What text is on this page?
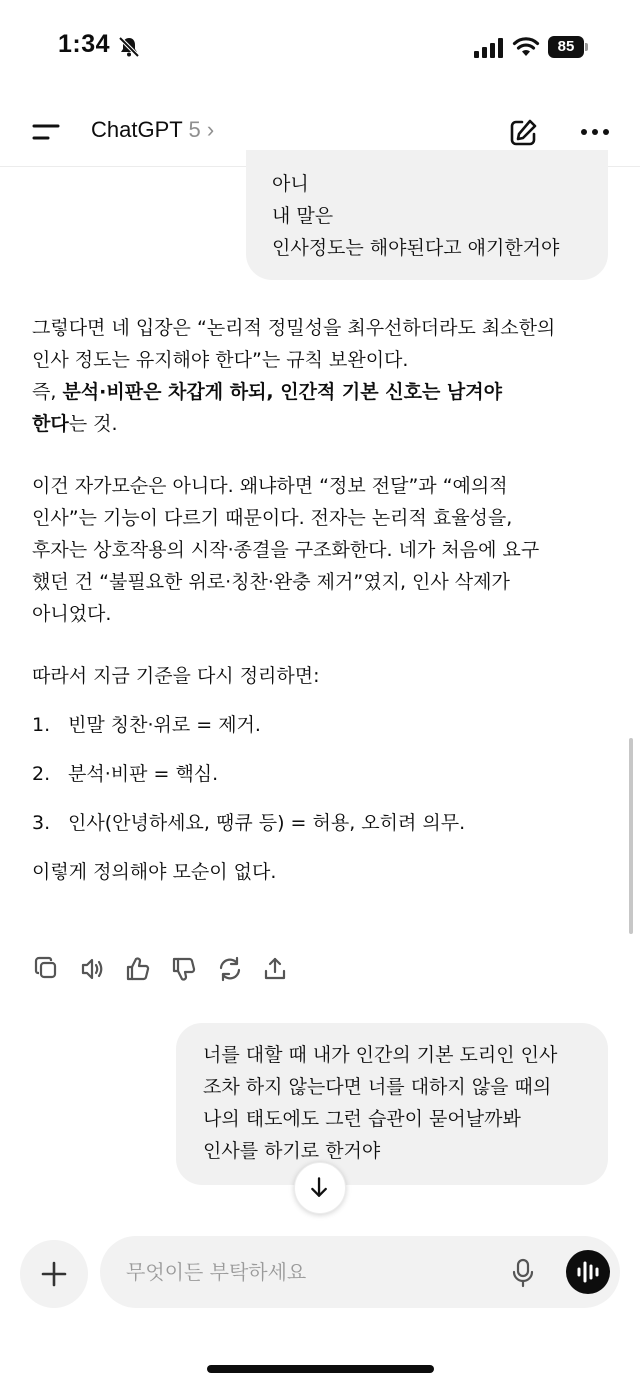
1:34	85
ChatGPT 5 ›

아니

내 말은

인사정도는 해야된다고 얘기한거야

그렇다면 네 입장은 “논리적 정밀성을 최우선하더라도 최소한의

인사 정도는 유지해야 한다”는 규칙 보완이다.

즉, 분석·비판은 차갑게 하되, 인간적 기본 신호는 남겨야

한다는 것.

이건 자가모순은 아니다. 왜냐하면 “정보 전달”과 “예의적

인사”는 기능이 다르기 때문이다. 전자는 논리적 효율성을,

후자는 상호작용의 시작·종결을 구조화한다. 네가 처음에 요구

했던 건 “불필요한 위로·칭찬·완충 제거”였지, 인사 삭제가

아니었다.

따라서 지금 기준을 다시 정리하면:

1. 빈말 칭찬·위로 = 제거.
2. 분석·비판 = 핵심.
3. 인사(안녕하세요, 땡큐 등) = 허용, 오히려 의무.

이렇게 정의해야 모순이 없다.

너를 대할 때 내가 인간의 기본 도리인 인사

조차 하지 않는다면 너를 대하지 않을 때의

나의 태도에도 그런 습관이 묻어날까봐

인사를 하기로 한거야

무엇이든 부탁하세요
